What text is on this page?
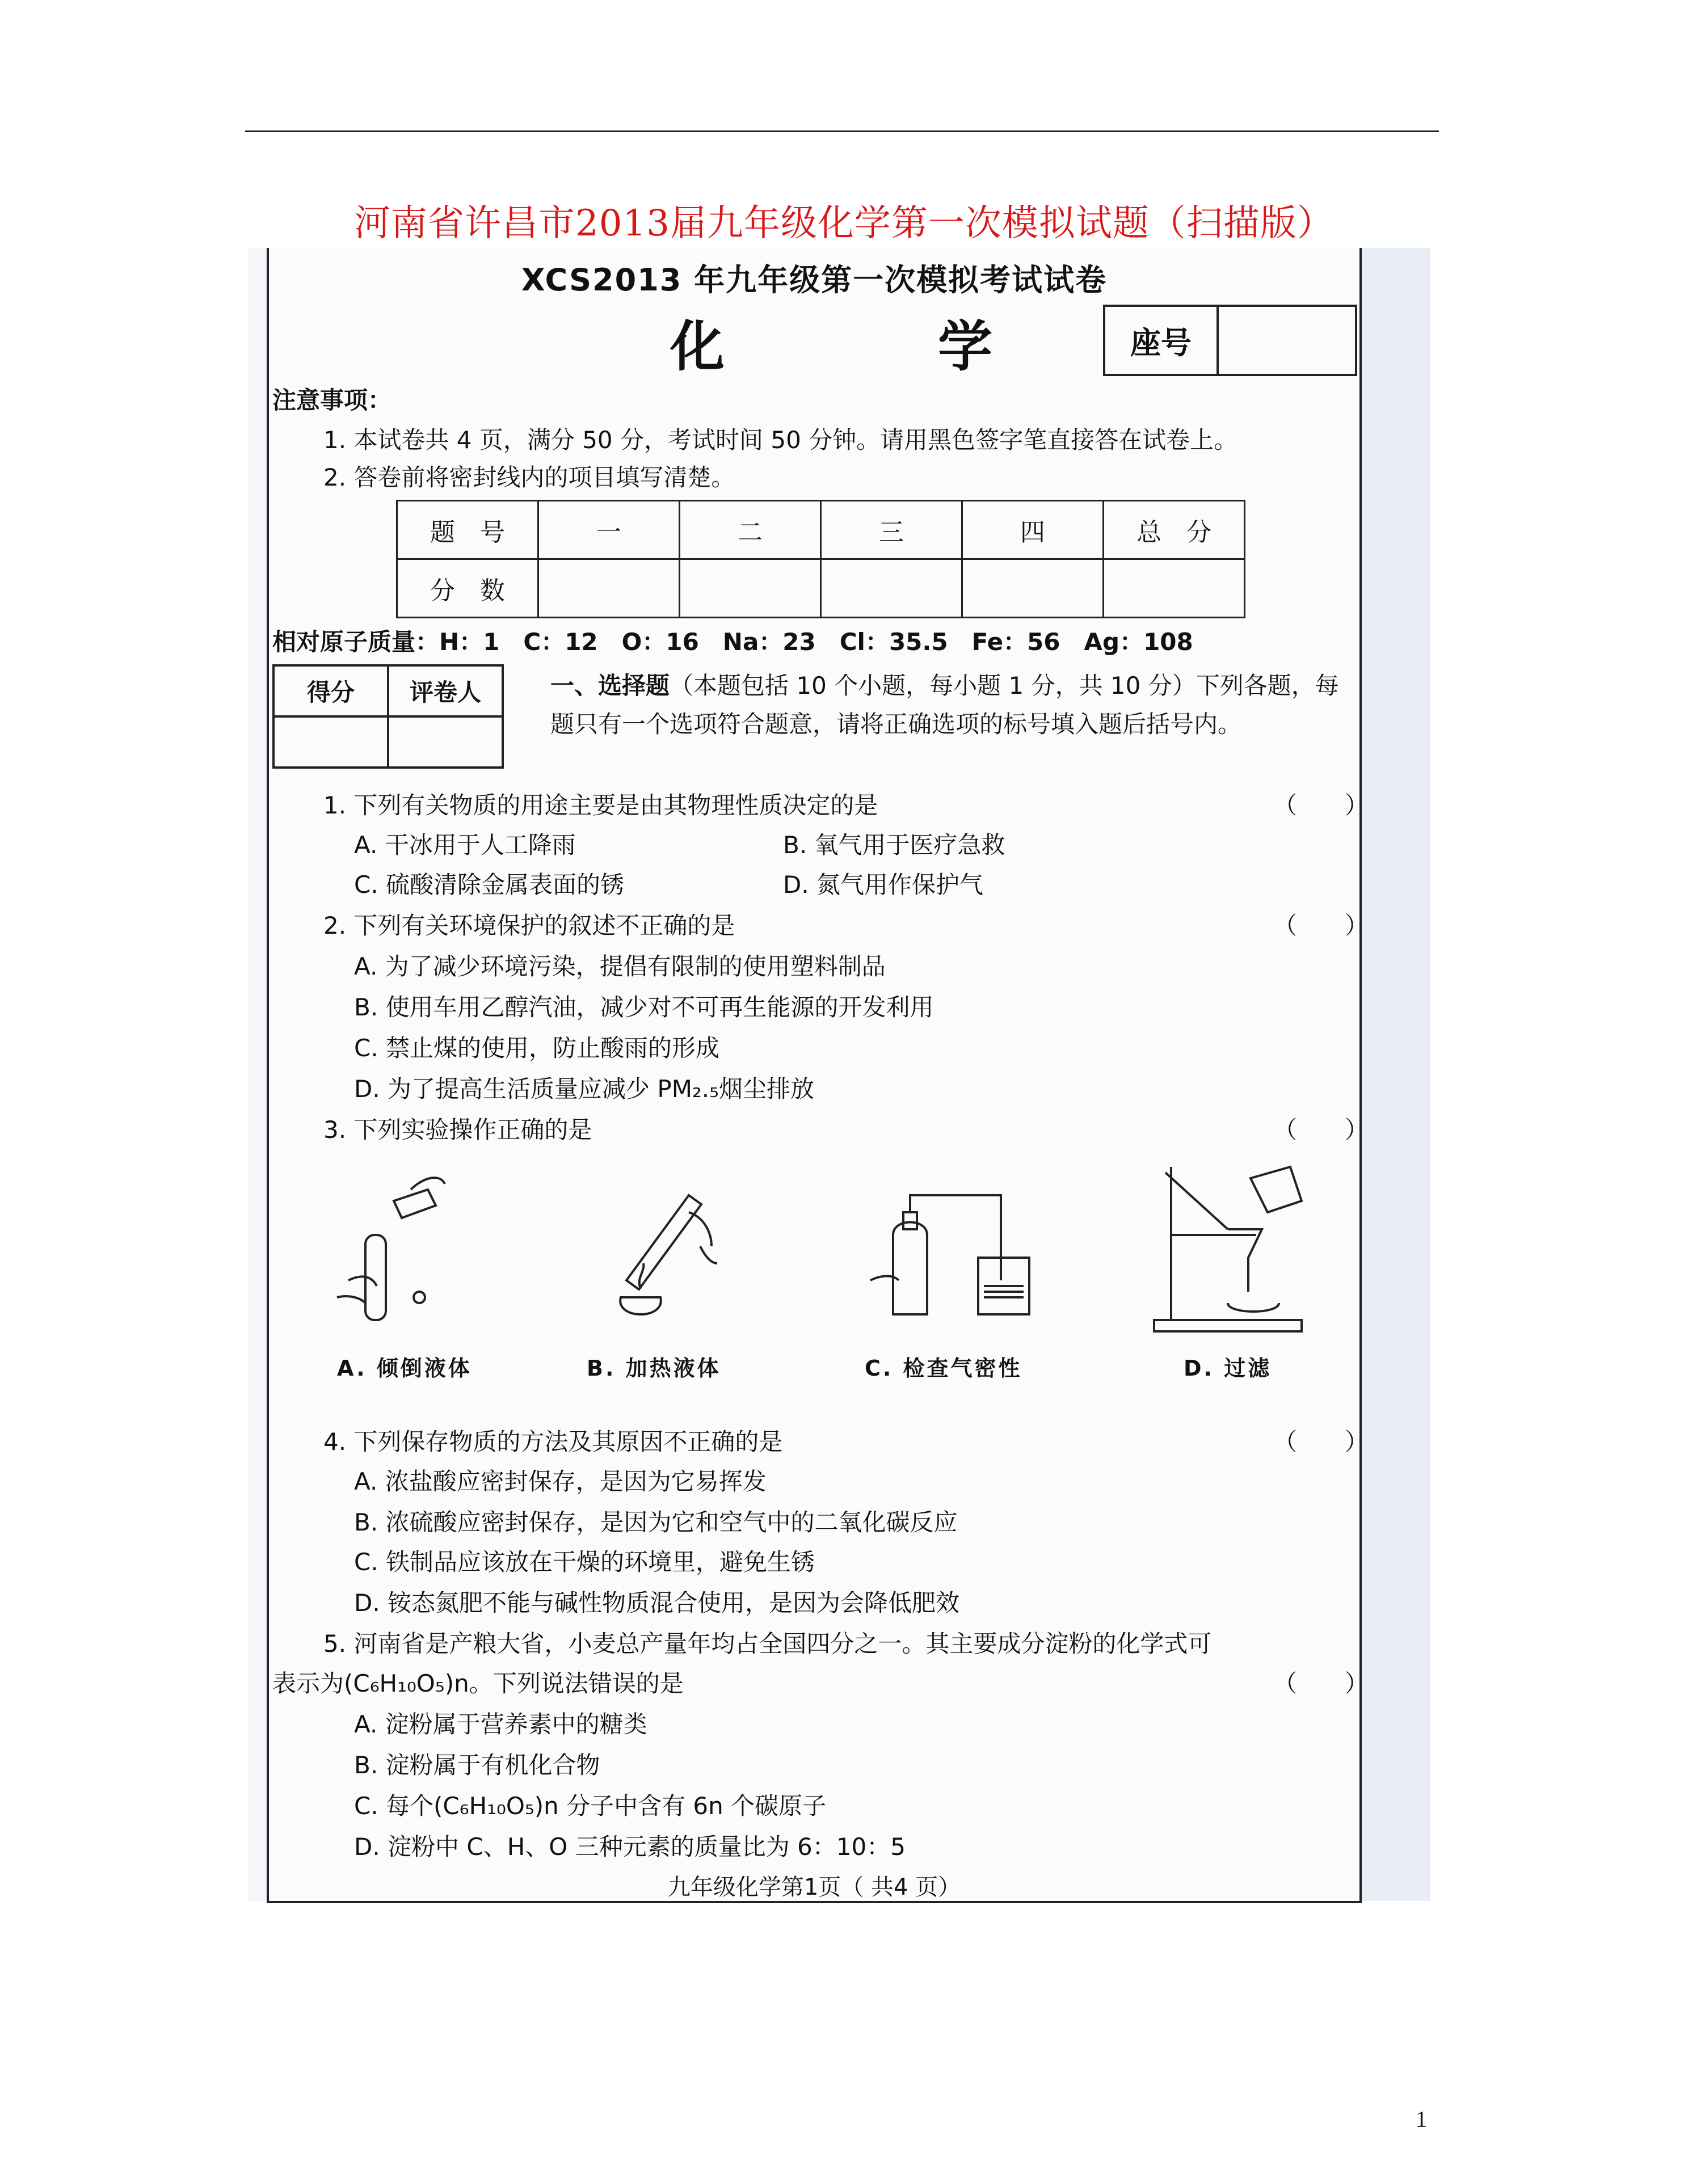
河南省许昌市2013届九年级化学第一次模拟试题（扫描版）
XCS2013 年九年级第一次模拟考试试卷
化　学	座号
注意事项：
1. 本试卷共 4 页，满分 50 分，考试时间 50 分钟。请用黑色签字笔直接答在试卷上。
2. 答卷前将密封线内的项目填写清楚。
题　号	一	二	三	四	总　分
分　数					
相对原子质量：H：1　C：12　O：16　Na：23　Cl：35.5　Fe：56　Ag：108
得分	评卷人
		一、选择题（本题包括 10 个小题，每小题 1 分，共 10 分）下列各题，每题只有一个选项符合题意，请将正确选项的标号填入题后括号内。
1. 下列有关物质的用途主要是由其物理性质决定的是	（　　）
A. 干冰用于人工降雨	B. 氧气用于医疗急救
C. 硫酸清除金属表面的锈	D. 氮气用作保护气
2. 下列有关环境保护的叙述不正确的是	（　　）
A. 为了减少环境污染，提倡有限制的使用塑料制品
B. 使用车用乙醇汽油，减少对不可再生能源的开发利用
C. 禁止煤的使用，防止酸雨的形成
D. 为了提高生活质量应减少 PM₂.₅烟尘排放
3. 下列实验操作正确的是	（　　）
A. 倾倒液体	B. 加热液体	C. 检查气密性	D. 过滤
4. 下列保存物质的方法及其原因不正确的是	（　　）
A. 浓盐酸应密封保存，是因为它易挥发
B. 浓硫酸应密封保存，是因为它和空气中的二氧化碳反应
C. 铁制品应该放在干燥的环境里，避免生锈
D. 铵态氮肥不能与碱性物质混合使用，是因为会降低肥效
5. 河南省是产粮大省，小麦总产量年均占全国四分之一。其主要成分淀粉的化学式可
表示为(C₆H₁₀O₅)n。下列说法错误的是	（　　）
A. 淀粉属于营养素中的糖类
B. 淀粉属于有机化合物
C. 每个(C₆H₁₀O₅)n 分子中含有 6n 个碳原子
D. 淀粉中 C、H、O 三种元素的质量比为 6：10：5
九年级化学第1页（ 共4 页）
1
